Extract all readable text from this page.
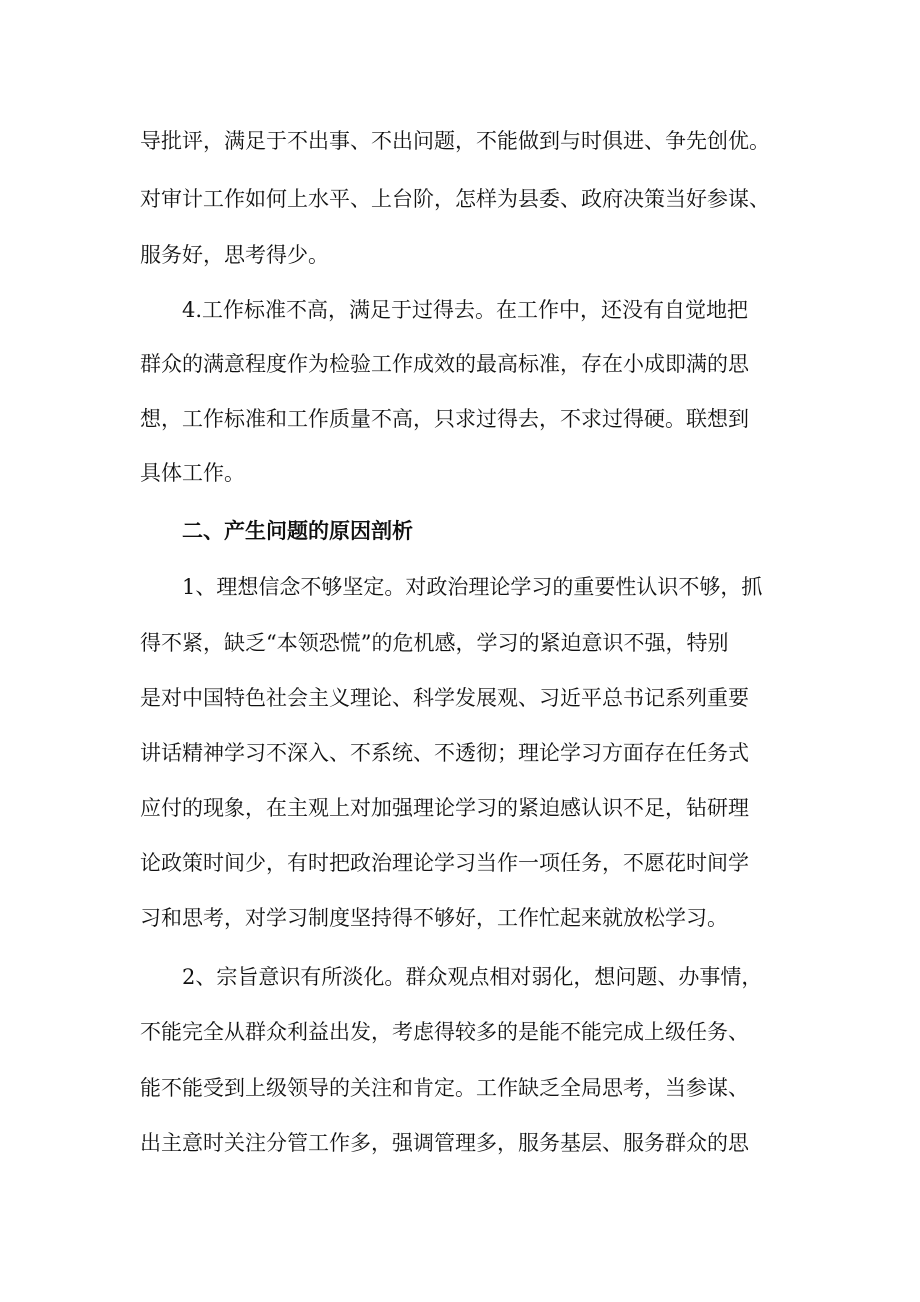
导批评，满足于不出事、不出问题，不能做到与时俱进、争先创优。
对审计工作如何上水平、上台阶，怎样为县委、政府决策当好参谋、
服务好，思考得少。
4.工作标准不高，满足于过得去。在工作中，还没有自觉地把
群众的满意程度作为检验工作成效的最高标准，存在小成即满的思
想，工作标准和工作质量不高，只求过得去，不求过得硬。联想到
具体工作。
二、产生问题的原因剖析
1、理想信念不够坚定。对政治理论学习的重要性认识不够，抓
得不紧，缺乏“本领恐慌”的危机感，学习的紧迫意识不强，特别
是对中国特色社会主义理论、科学发展观、习近平总书记系列重要
讲话精神学习不深入、不系统、不透彻；理论学习方面存在任务式
应付的现象，在主观上对加强理论学习的紧迫感认识不足，钻研理
论政策时间少，有时把政治理论学习当作一项任务，不愿花时间学
习和思考，对学习制度坚持得不够好，工作忙起来就放松学习。
2、宗旨意识有所淡化。群众观点相对弱化，想问题、办事情，
不能完全从群众利益出发，考虑得较多的是能不能完成上级任务、
能不能受到上级领导的关注和肯定。工作缺乏全局思考，当参谋、
出主意时关注分管工作多，强调管理多，服务基层、服务群众的思
